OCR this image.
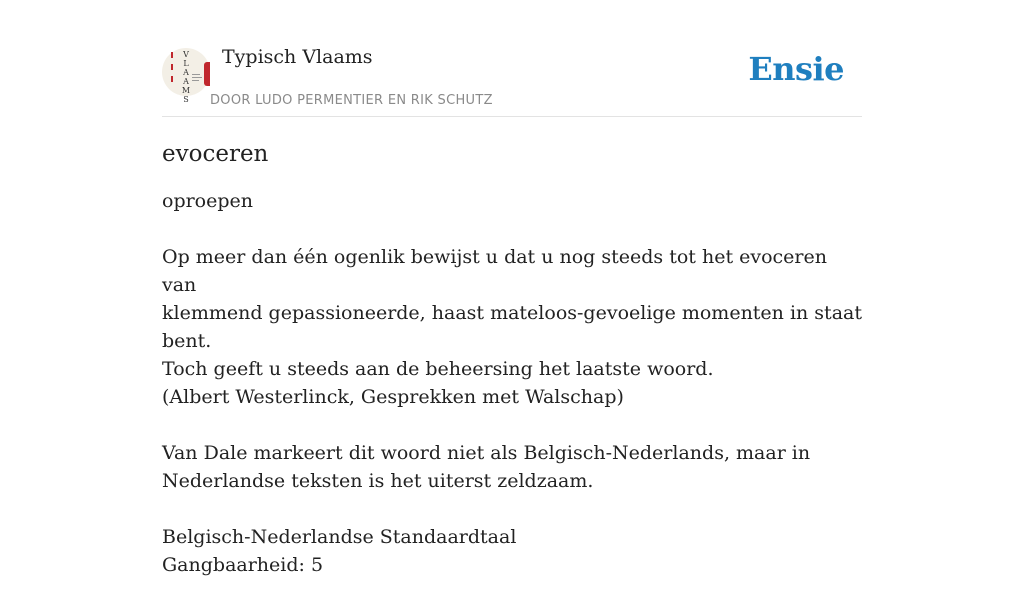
V
L
A
A
M
S
Typisch Vlaams
DOOR LUDO PERMENTIER EN RIK SCHUTZ
Ensie
evoceren

oproepen

Op meer dan één ogenlik bewijst u dat u nog steeds tot het evoceren van
klemmend gepassioneerde, haast mateloos-gevoelige momenten in staat bent.
Toch geeft u steeds aan de beheersing het laatste woord.
(Albert Westerlinck, Gesprekken met Walschap)

Van Dale markeert dit woord niet als Belgisch-Nederlands, maar in Nederlandse teksten is het uiterst zeldzaam.

Belgisch-Nederlandse Standaardtaal
Gangbaarheid: 5
